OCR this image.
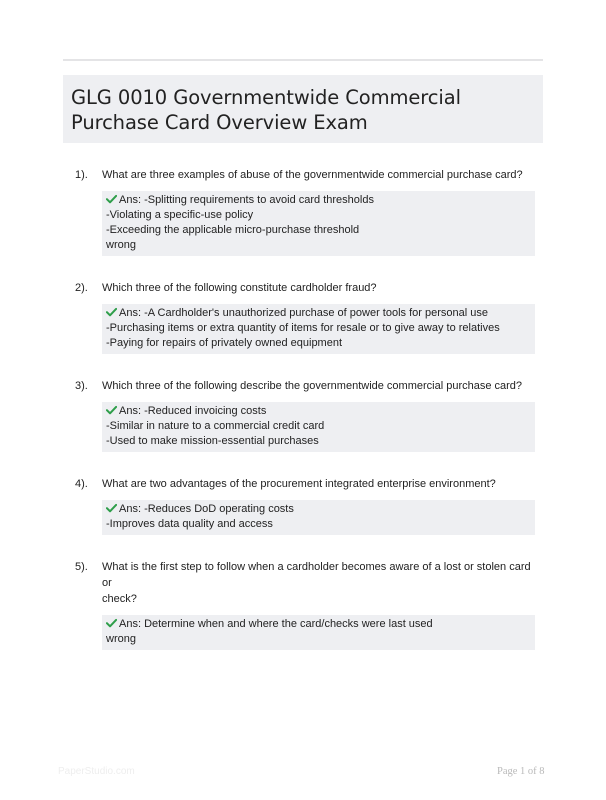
GLG 0010 Governmentwide Commercial
Purchase Card Overview Exam
1). What are three examples of abuse of the governmentwide commercial purchase card?
Ans: -Splitting requirements to avoid card thresholds
-Violating a specific-use policy
-Exceeding the applicable micro-purchase threshold
wrong
2). Which three of the following constitute cardholder fraud?
Ans: -A Cardholder's unauthorized purchase of power tools for personal use
-Purchasing items or extra quantity of items for resale or to give away to relatives
-Paying for repairs of privately owned equipment
3). Which three of the following describe the governmentwide commercial purchase card?
Ans: -Reduced invoicing costs
-Similar in nature to a commercial credit card
-Used to make mission-essential purchases
4). What are two advantages of the procurement integrated enterprise environment?
Ans: -Reduces DoD operating costs
-Improves data quality and access
5). What is the first step to follow when a cardholder becomes aware of a lost or stolen card or
check?
Ans: Determine when and where the card/checks were last used
wrong
PaperStudio.com	Page 1 of 8
